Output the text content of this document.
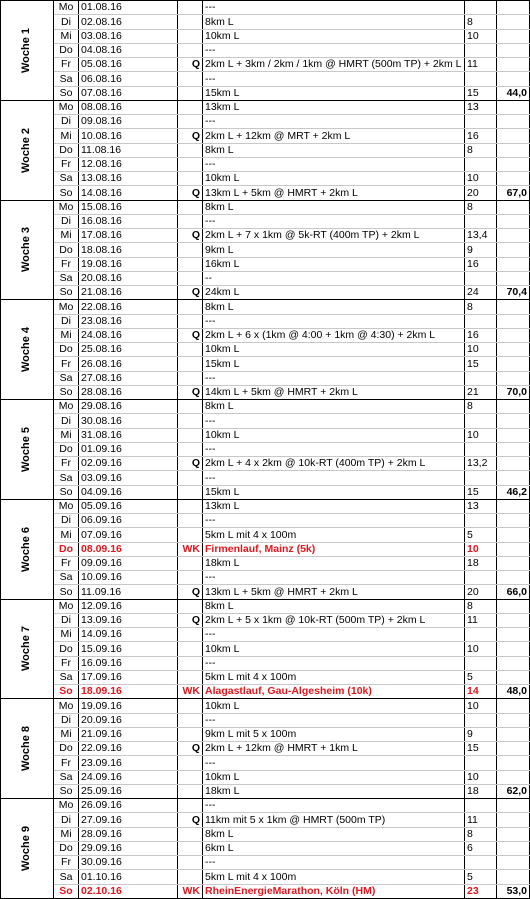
Woche 1	Mo	01.08.16		---		
	Di	02.08.16		8km L	8	
	Mi	03.08.16		10km L	10	
	Do	04.08.16		---		
	Fr	05.08.16	Q	2km L + 3km / 2km / 1km @ HMRT (500m TP) + 2km L	11	
	Sa	06.08.16		---		
	So	07.08.16		15km L	15	44,0
Woche 2	Mo	08.08.16		13km L	13	
	Di	09.08.16		---		
	Mi	10.08.16	Q	2km L + 12km @ MRT + 2km L	16	
	Do	11.08.16		8km L	8	
	Fr	12.08.16		---		
	Sa	13.08.16		10km L	10	
	So	14.08.16	Q	13km L + 5km @ HMRT + 2km L	20	67,0
Woche 3	Mo	15.08.16		8km L	8	
	Di	16.08.16		---		
	Mi	17.08.16	Q	2km L + 7 x 1km @ 5k-RT (400m TP) + 2km L	13,4	
	Do	18.08.16		9km L	9	
	Fr	19.08.16		16km L	16	
	Sa	20.08.16		--		
	So	21.08.16	Q	24km L	24	70,4
Woche 4	Mo	22.08.16		8km L	8	
	Di	23.08.16		---		
	Mi	24.08.16	Q	2km L + 6 x (1km @ 4:00 + 1km @ 4:30) + 2km L	16	
	Do	25.08.16		10km L	10	
	Fr	26.08.16		15km L	15	
	Sa	27.08.16		---		
	So	28.08.16	Q	14km L + 5km @ HMRT + 2km L	21	70,0
Woche 5	Mo	29.08.16		8km L	8	
	Di	30.08.16		---		
	Mi	31.08.16		10km L	10	
	Do	01.09.16		---		
	Fr	02.09.16	Q	2km L + 4 x 2km @ 10k-RT (400m TP) + 2km L	13,2	
	Sa	03.09.16		---		
	So	04.09.16		15km L	15	46,2
Woche 6	Mo	05.09.16		13km L	13	
	Di	06.09.16		---		
	Mi	07.09.16		5km L mit 4 x 100m	5	
	Do	08.09.16	WK	Firmenlauf, Mainz (5k)	10	
	Fr	09.09.16		18km L	18	
	Sa	10.09.16		---		
	So	11.09.16	Q	13km L + 5km @ HMRT + 2km L	20	66,0
Woche 7	Mo	12.09.16		8km L	8	
	Di	13.09.16	Q	2km L + 5 x 1km @ 10k-RT (500m TP) + 2km L	11	
	Mi	14.09.16		---		
	Do	15.09.16		10km L	10	
	Fr	16.09.16		---		
	Sa	17.09.16		5km L mit 4 x 100m	5	
	So	18.09.16	WK	Alagastlauf, Gau-Algesheim (10k)	14	48,0
Woche 8	Mo	19.09.16		10km L	10	
	Di	20.09.16		---		
	Mi	21.09.16		9km L mit 5 x 100m	9	
	Do	22.09.16	Q	2km L + 12km @ HMRT + 1km L	15	
	Fr	23.09.16		---		
	Sa	24.09.16		10km L	10	
	So	25.09.16		18km L	18	62,0
Woche 9	Mo	26.09.16		---		
	Di	27.09.16	Q	11km mit 5 x 1km @ HMRT (500m TP)	11	
	Mi	28.09.16		8km L	8	
	Do	29.09.16		6km L	6	
	Fr	30.09.16		---		
	Sa	01.10.16		5km L mit 4 x 100m	5	
	So	02.10.16	WK	RheinEnergieMarathon, Köln (HM)	23	53,0
